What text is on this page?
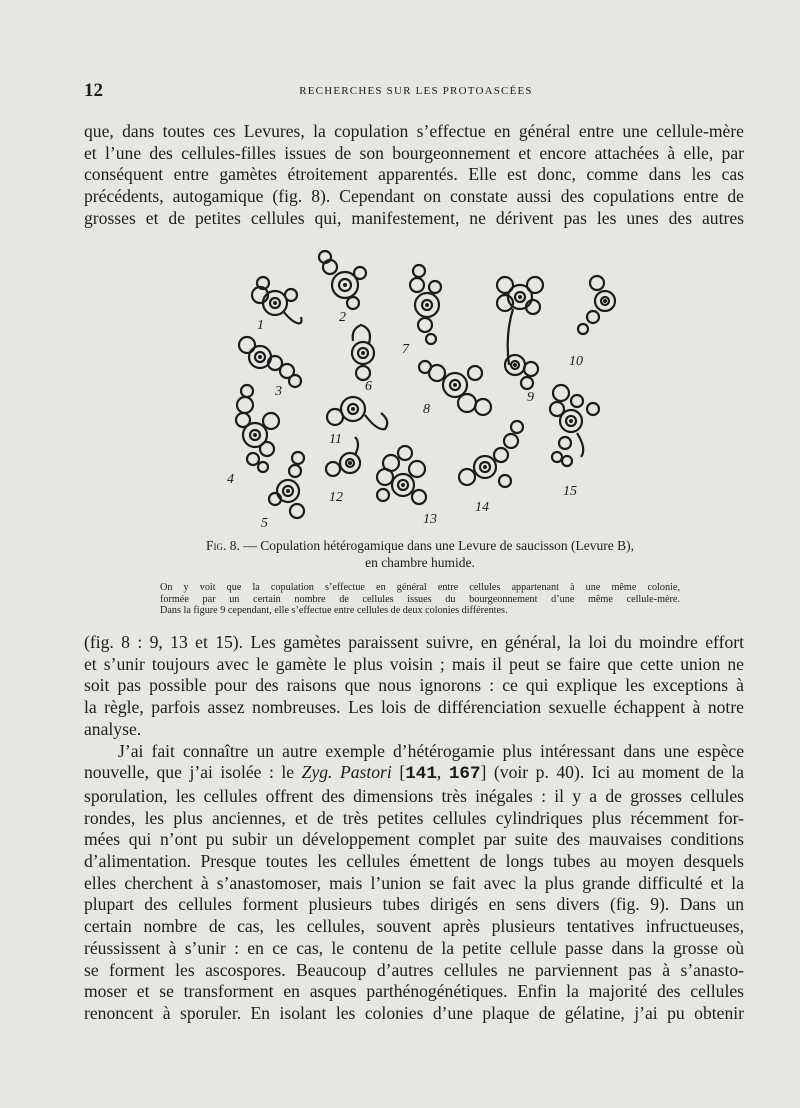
12	RECHERCHES SUR LES PROTOASCÉES

que, dans toutes ces Levures, la copulation s’effectue en général entre une cellule-mère
et l’une des cellules-filles issues de son bourgeonnement et encore attachées à elle, par
conséquent entre gamètes étroitement apparentés. Elle est donc, comme dans les cas
précédents, autogamique (fig. 8). Cependant on constate aussi des copulations entre de
grosses et de petites cellules qui, manifestement, ne dérivent pas les unes des autres

1
2
3
4
5
6
7
8
9
10
11
12
13
14
15
Fig. 8. — Copulation hétérogamique dans une Levure de saucisson (Levure B),
en chambre humide.
On y voit que la copulation s’effectue en général entre cellules appartenant à une même colonie,
formée par un certain nombre de cellules issues du bourgeonnement d’une même cellule-mère.
Dans la figure 9 cependant, elle s’effectue entre cellules de deux colonies différentes.

(fig. 8 : 9, 13 et 15). Les gamètes paraissent suivre, en général, la loi du moindre effort
et s’unir toujours avec le gamète le plus voisin ; mais il peut se faire que cette union ne
soit pas possible pour des raisons que nous ignorons : ce qui explique les exceptions à
la règle, parfois assez nombreuses. Les lois de différenciation sexuelle échappent à notre
analyse.
J’ai fait connaître un autre exemple d’hétérogamie plus intéressant dans une espèce
nouvelle, que j’ai isolée : le Zyg. Pastori [141, 167] (voir p. 40). Ici au moment de la
sporulation, les cellules offrent des dimensions très inégales : il y a de grosses cellules
rondes, les plus anciennes, et de très petites cellules cylindriques plus récemment for-
mées qui n’ont pu subir un développement complet par suite des mauvaises conditions
d’alimentation. Presque toutes les cellules émettent de longs tubes au moyen desquels
elles cherchent à s’anastomoser, mais l’union se fait avec la plus grande difficulté et la
plupart des cellules forment plusieurs tubes dirigés en sens divers (fig. 9). Dans un
certain nombre de cas, les cellules, souvent après plusieurs tentatives infructueuses,
réussissent à s’unir : en ce cas, le contenu de la petite cellule passe dans la grosse où
se forment les ascospores. Beaucoup d’autres cellules ne parviennent pas à s’anasto-
moser et se transforment en asques parthénogénétiques. Enfin la majorité des cellules
renoncent à sporuler. En isolant les colonies d’une plaque de gélatine, j’ai pu obtenir
